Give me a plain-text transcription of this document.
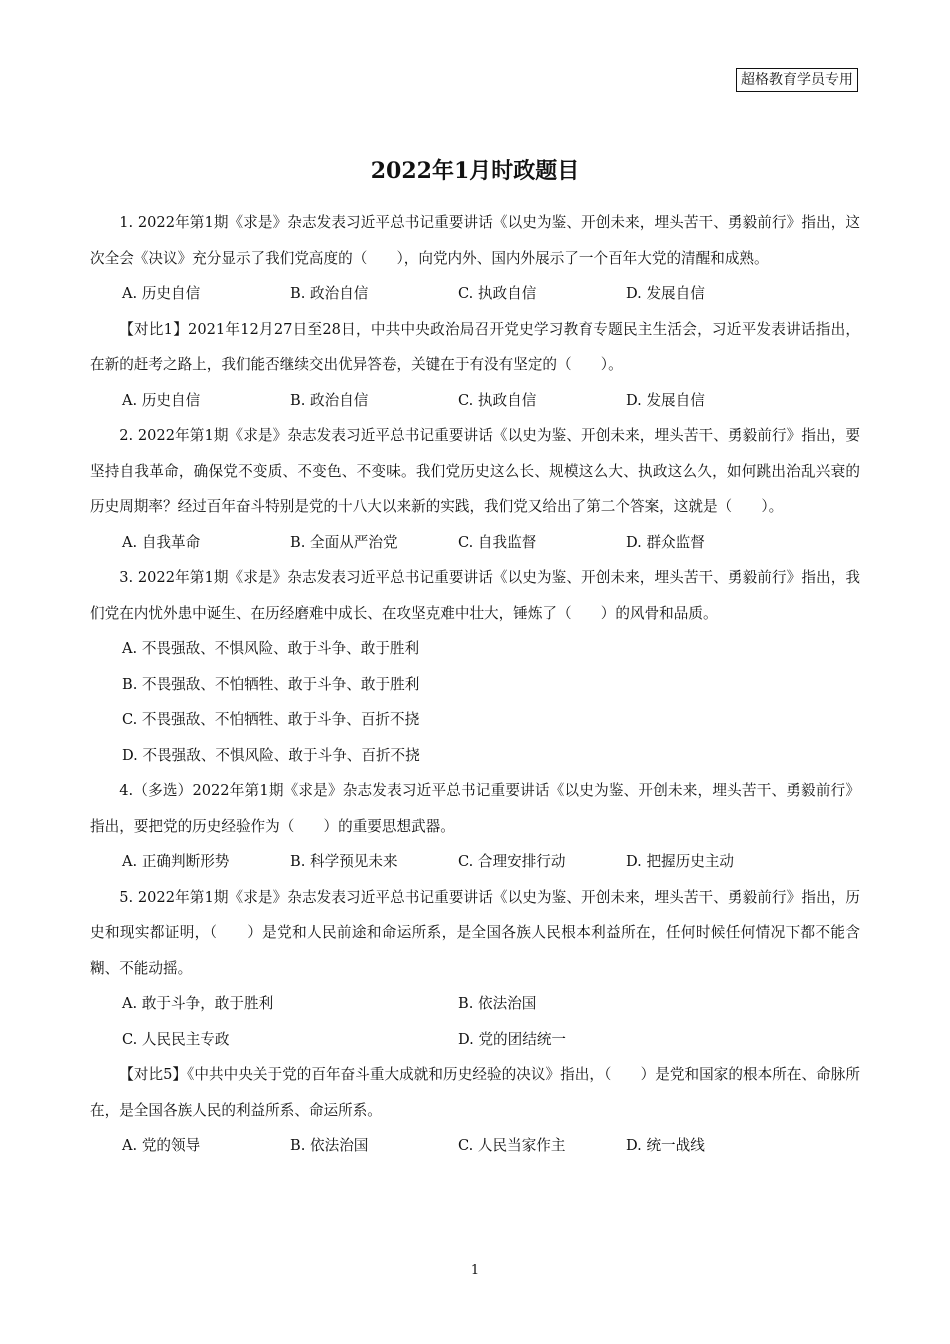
超格教育学员专用
2022年1月时政题目

1. 2022年第1期《求是》杂志发表习近平总书记重要讲话《以史为鉴、开创未来，埋头苦干、勇毅前行》指出，这次全会《决议》充分显示了我们党高度的（　　），向党内外、国内外展示了一个百年大党的清醒和成熟。

A. 历史自信	B. 政治自信	C. 执政自信	D. 发展自信

【对比1】2021年12月27日至28日，中共中央政治局召开党史学习教育专题民主生活会，习近平发表讲话指出，在新的赶考之路上，我们能否继续交出优异答卷，关键在于有没有坚定的（　　）。

A. 历史自信	B. 政治自信	C. 执政自信	D. 发展自信

2. 2022年第1期《求是》杂志发表习近平总书记重要讲话《以史为鉴、开创未来，埋头苦干、勇毅前行》指出，要坚持自我革命，确保党不变质、不变色、不变味。我们党历史这么长、规模这么大、执政这么久，如何跳出治乱兴衰的历史周期率？经过百年奋斗特别是党的十八大以来新的实践，我们党又给出了第二个答案，这就是（　　）。

A. 自我革命	B. 全面从严治党	C. 自我监督	D. 群众监督

3. 2022年第1期《求是》杂志发表习近平总书记重要讲话《以史为鉴、开创未来，埋头苦干、勇毅前行》指出，我们党在内忧外患中诞生、在历经磨难中成长、在攻坚克难中壮大，锤炼了（　　）的风骨和品质。

A. 不畏强敌、不惧风险、敢于斗争、敢于胜利

B. 不畏强敌、不怕牺牲、敢于斗争、敢于胜利

C. 不畏强敌、不怕牺牲、敢于斗争、百折不挠

D. 不畏强敌、不惧风险、敢于斗争、百折不挠

4.（多选）2022年第1期《求是》杂志发表习近平总书记重要讲话《以史为鉴、开创未来，埋头苦干、勇毅前行》指出，要把党的历史经验作为（　　）的重要思想武器。

A. 正确判断形势	B. 科学预见未来	C. 合理安排行动	D. 把握历史主动

5. 2022年第1期《求是》杂志发表习近平总书记重要讲话《以史为鉴、开创未来，埋头苦干、勇毅前行》指出，历史和现实都证明，（　　）是党和人民前途和命运所系，是全国各族人民根本利益所在，任何时候任何情况下都不能含糊、不能动摇。

A. 敢于斗争，敢于胜利	B. 依法治国
C. 人民民主专政	D. 党的团结统一

【对比5】《中共中央关于党的百年奋斗重大成就和历史经验的决议》指出，（　　）是党和国家的根本所在、命脉所在，是全国各族人民的利益所系、命运所系。

A. 党的领导	B. 依法治国	C. 人民当家作主	D. 统一战线
1
